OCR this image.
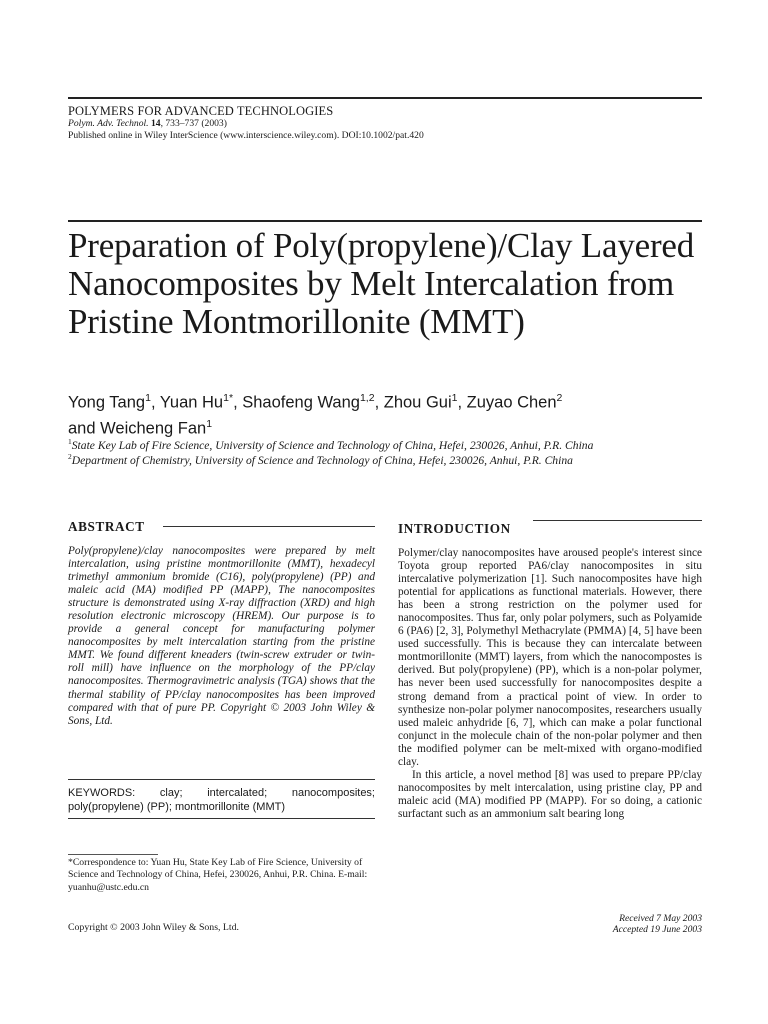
POLYMERS FOR ADVANCED TECHNOLOGIES
Polym. Adv. Technol. 14, 733–737 (2003)
Published online in Wiley InterScience (www.interscience.wiley.com). DOI:10.1002/pat.420
Preparation of Poly(propylene)/Clay Layered Nanocomposites by Melt Intercalation from Pristine Montmorillonite (MMT)
Yong Tang$^1$, Yuan $Hu^{1*}$, Shaofeng Wang$^{1,2}$, Zhou Gui$^1$, Zuyao Chen$^2$
and Weicheng Fan$^1$
$^1$State Key Lab of Fire Science, University of Science and Technology of China, Hefei, 230026, Anhui, P.R. China
$^2$Department of Chemistry, University of Science and Technology of China, Hefei, 230026, Anhui, P.R. China
ABSTRACT
Poly(propylene)/clay nanocomposites were prepared by melt intercalation, using pristine montmorillonite (MMT), hexadecyl trimethyl ammonium bromide (C16), poly(propylene) (PP) and maleic acid (MA) modified PP (MAPP), The nanocomposites structure is demonstrated using X-ray diffraction (XRD) and high resolution electronic microscopy (HREM). Our purpose is to provide a general concept for manufacturing polymer nanocomposites by melt intercalation starting from the pristine MMT. We found different kneaders (twin-screw extruder or twin-roll mill) have influence on the morphology of the PP/clay nanocomposites. Thermogravimetric analysis (TGA) shows that the thermal stability of PP/clay nanocomposites has been improved compared with that of pure PP. Copyright © 2003 John Wiley & Sons, Ltd.
KEYWORDS: clay; intercalated; nanocomposites; poly(propylene) (PP); montmorillonite (MMT)
*Correspondence to: Yuan Hu, State Key Lab of Fire Science, University of Science and Technology of China, Hefei, 230026, Anhui, P.R. China. E-mail: yuanhu@ustc.edu.cn
INTRODUCTION

Polymer/clay nanocomposites have aroused people's interest since Toyota group reported PA6/clay nanocomposites in situ intercalative polymerization [1]. Such nanocomposites have high potential for applications as functional materials. However, there has been a strong restriction on the polymer used for nanocomposites. Thus far, only polar polymers, such as Polyamide 6 (PA6) [2, 3], Polymethyl Methacrylate (PMMA) [4, 5] have been used successfully. This is because they can intercalate between montmorillonite (MMT) layers, from which the nanocompostes is derived. But poly(propylene) (PP), which is a non-polar polymer, has never been used successfully for nanocomposites despite a strong demand from a practical point of view. In order to synthesize non-polar polymer nanocomposites, researchers usually used maleic anhydride [6, 7], which can make a polar functional conjunct in the molecule chain of the non-polar polymer and then the modified polymer can be melt-mixed with organo-modified clay.

In this article, a novel method [8] was used to prepare PP/clay nanocomposites by melt intercalation, using pristine clay, PP and maleic acid (MA) modified PP (MAPP). For so doing, a cationic surfactant such as an ammonium salt bearing long

Copyright © 2003 John Wiley & Sons, Ltd.
Received 7 May 2003
Accepted 19 June 2003
